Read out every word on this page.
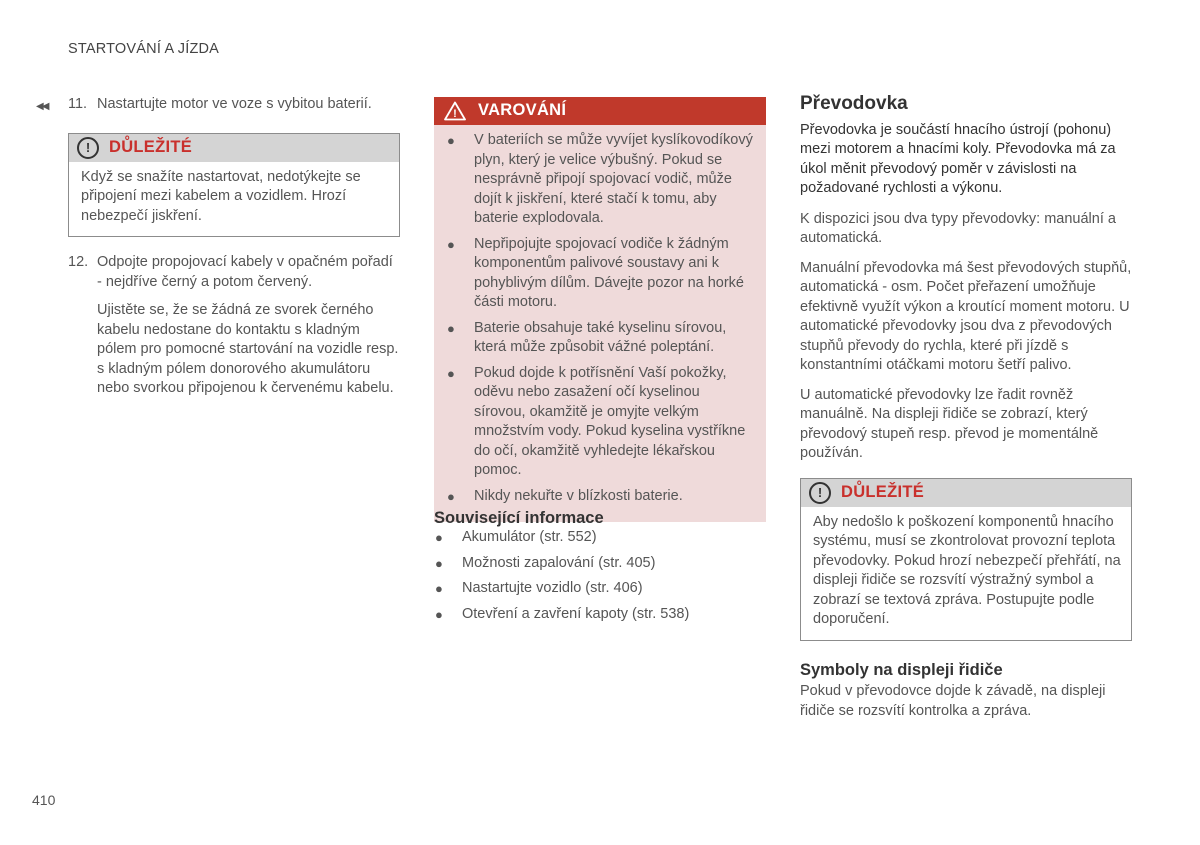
STARTOVÁNÍ A JÍZDA
◀◀ 11. Nastartujte motor ve voze s vybitou baterií.

!	DŮLEŽITÉ

Když se snažíte nastartovat, nedotýkejte se připojení mezi kabelem a vozidlem. Hrozí nebezpečí jiskření.

12. Odpojte propojovací kabely v opačném pořadí - nejdříve černý a potom červený.

Ujistěte se, že se žádná ze svorek černého kabelu nedostane do kontaktu s kladným pólem pro pomocné startování na vozidle resp. s kladným pólem donorového akumulátoru nebo svorkou připojenou k červenému kabelu.

! VAROVÁNÍ
● V bateriích se může vyvíjet kyslíkovodíkový plyn, který je velice výbušný. Pokud se nesprávně připojí spojovací vodič, může dojít k jiskření, které stačí k tomu, aby baterie explodovala.
● Nepřipojujte spojovací vodiče k žádným komponentům palivové soustavy ani k pohyblivým dílům. Dávejte pozor na horké části motoru.
● Baterie obsahuje také kyselinu sírovou, která může způsobit vážné poleptání.
● Pokud dojde k potřísnění Vaší pokožky, oděvu nebo zasažení očí kyselinou sírovou, okamžitě je omyjte velkým množstvím vody. Pokud kyselina vystříkne do očí, okamžitě vyhledejte lékařskou pomoc.
● Nikdy nekuřte v blízkosti baterie.
Související informace
● Akumulátor (str. 552)
● Možnosti zapalování (str. 405)
● Nastartujte vozidlo (str. 406)
● Otevření a zavření kapoty (str. 538)
Převodovka

Převodovka je součástí hnacího ústrojí (pohonu) mezi motorem a hnacími koly. Převodovka má za úkol měnit převodový poměr v závislosti na požadované rychlosti a výkonu.

K dispozici jsou dva typy převodovky: manuální a automatická.

Manuální převodovka má šest převodových stupňů, automatická - osm. Počet přeřazení umožňuje efektivně využít výkon a kroutící moment motoru. U automatické převodovky jsou dva z převodových stupňů převody do rychla, které při jízdě s konstantními otáčkami motoru šetří palivo.

U automatické převodovky lze řadit rovněž manuálně. Na displeji řidiče se zobrazí, který převodový stupeň resp. převod je momentálně používán.

!	DŮLEŽITÉ

Aby nedošlo k poškození komponentů hnacího systému, musí se zkontrolovat provozní teplota převodovky. Pokud hrozí nebezpečí přehřátí, na displeji řidiče se rozsvítí výstražný symbol a zobrazí se textová zpráva. Postupujte podle doporučení.

Symboly na displeji řidiče

Pokud v převodovce dojde k závadě, na displeji řidiče se rozsvítí kontrolka a zpráva.

410
